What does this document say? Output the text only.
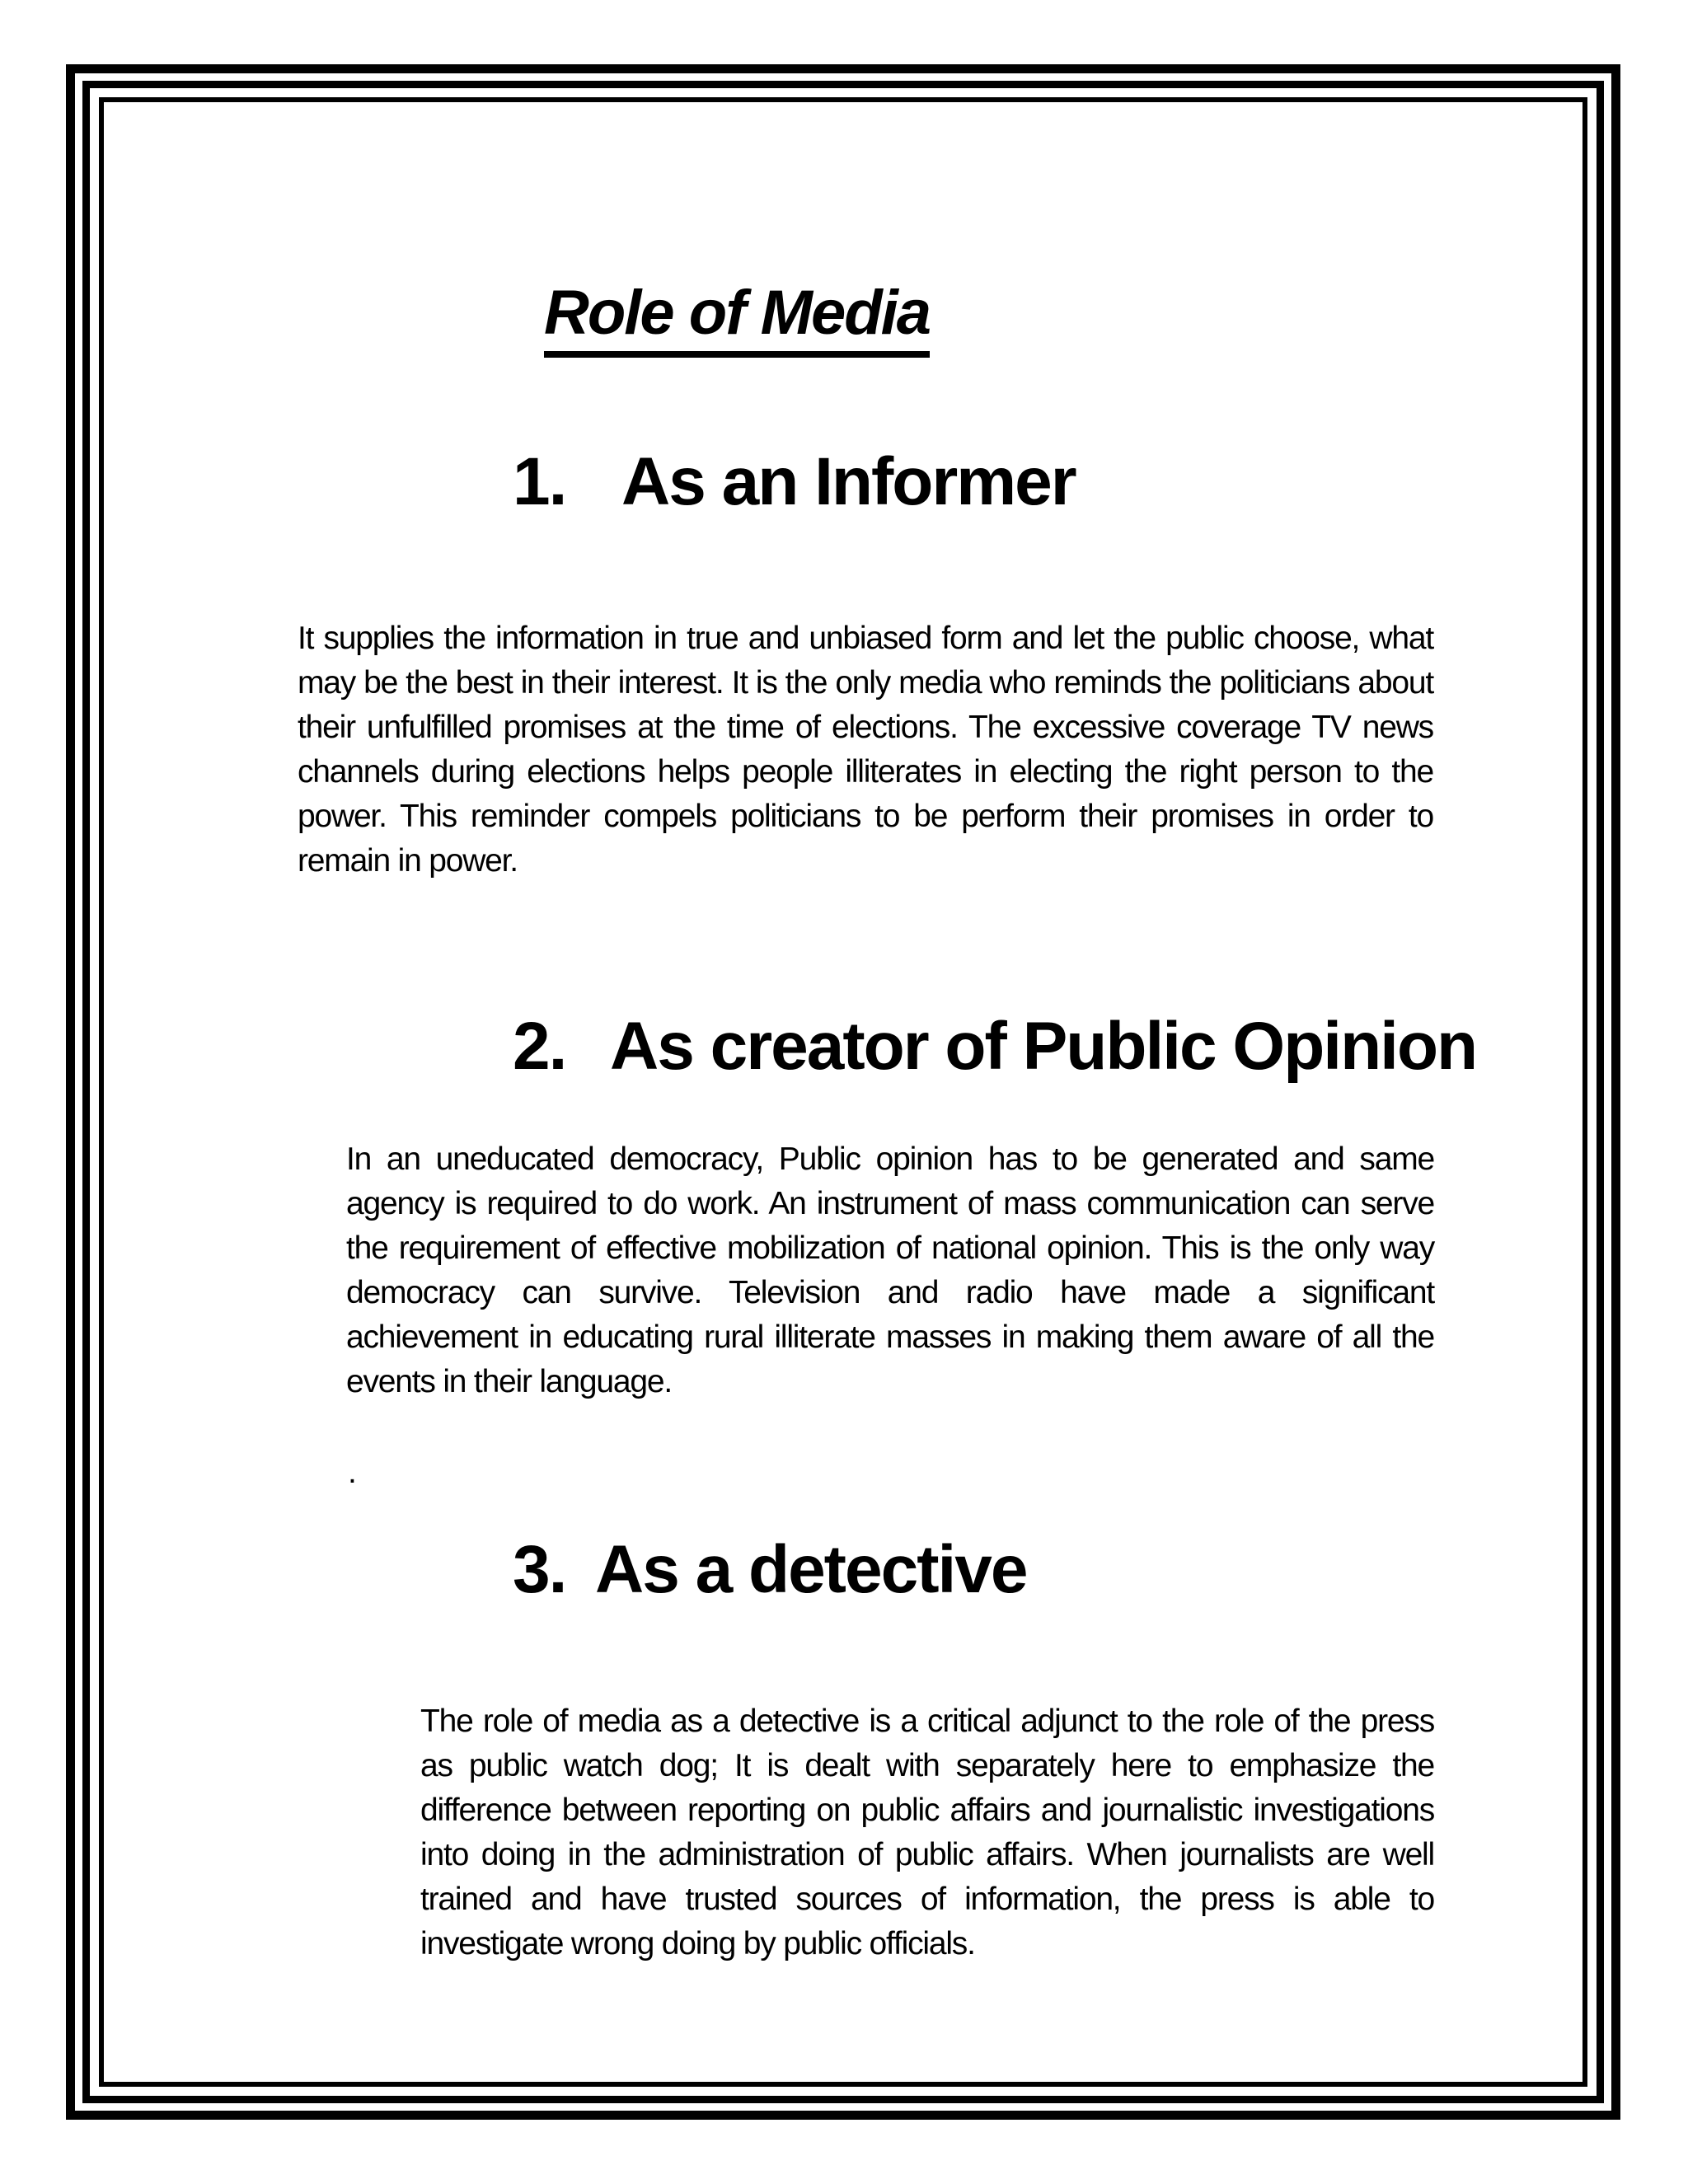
Role of Media
1. As an Informer

It supplies the information in true and unbiased form and let the public choose, what may be the best in their interest. It is the only media who reminds the politicians about their unfulfilled promises at the time of elections. The excessive coverage TV news channels during elections helps people illiterates in electing the right person to the power. This reminder compels politicians to be perform their promises in order to remain in power.

2. As creator of Public Opinion

In an uneducated democracy, Public opinion has to be generated and same agency is required to do work. An instrument of mass communication can serve the requirement of effective mobilization of national opinion. This is the only way democracy can survive. Television and radio have made a significant achievement in educating rural illiterate masses in making them aware of all the events in their language.

.
3. As a detective

The role of media as a detective is a critical adjunct to the role of the press as public watch dog; It is dealt with separately here to emphasize the difference between reporting on public affairs and journalistic investigations into doing in the administration of public affairs. When journalists are well trained and have trusted sources of information, the press is able to investigate wrong doing by public officials.
